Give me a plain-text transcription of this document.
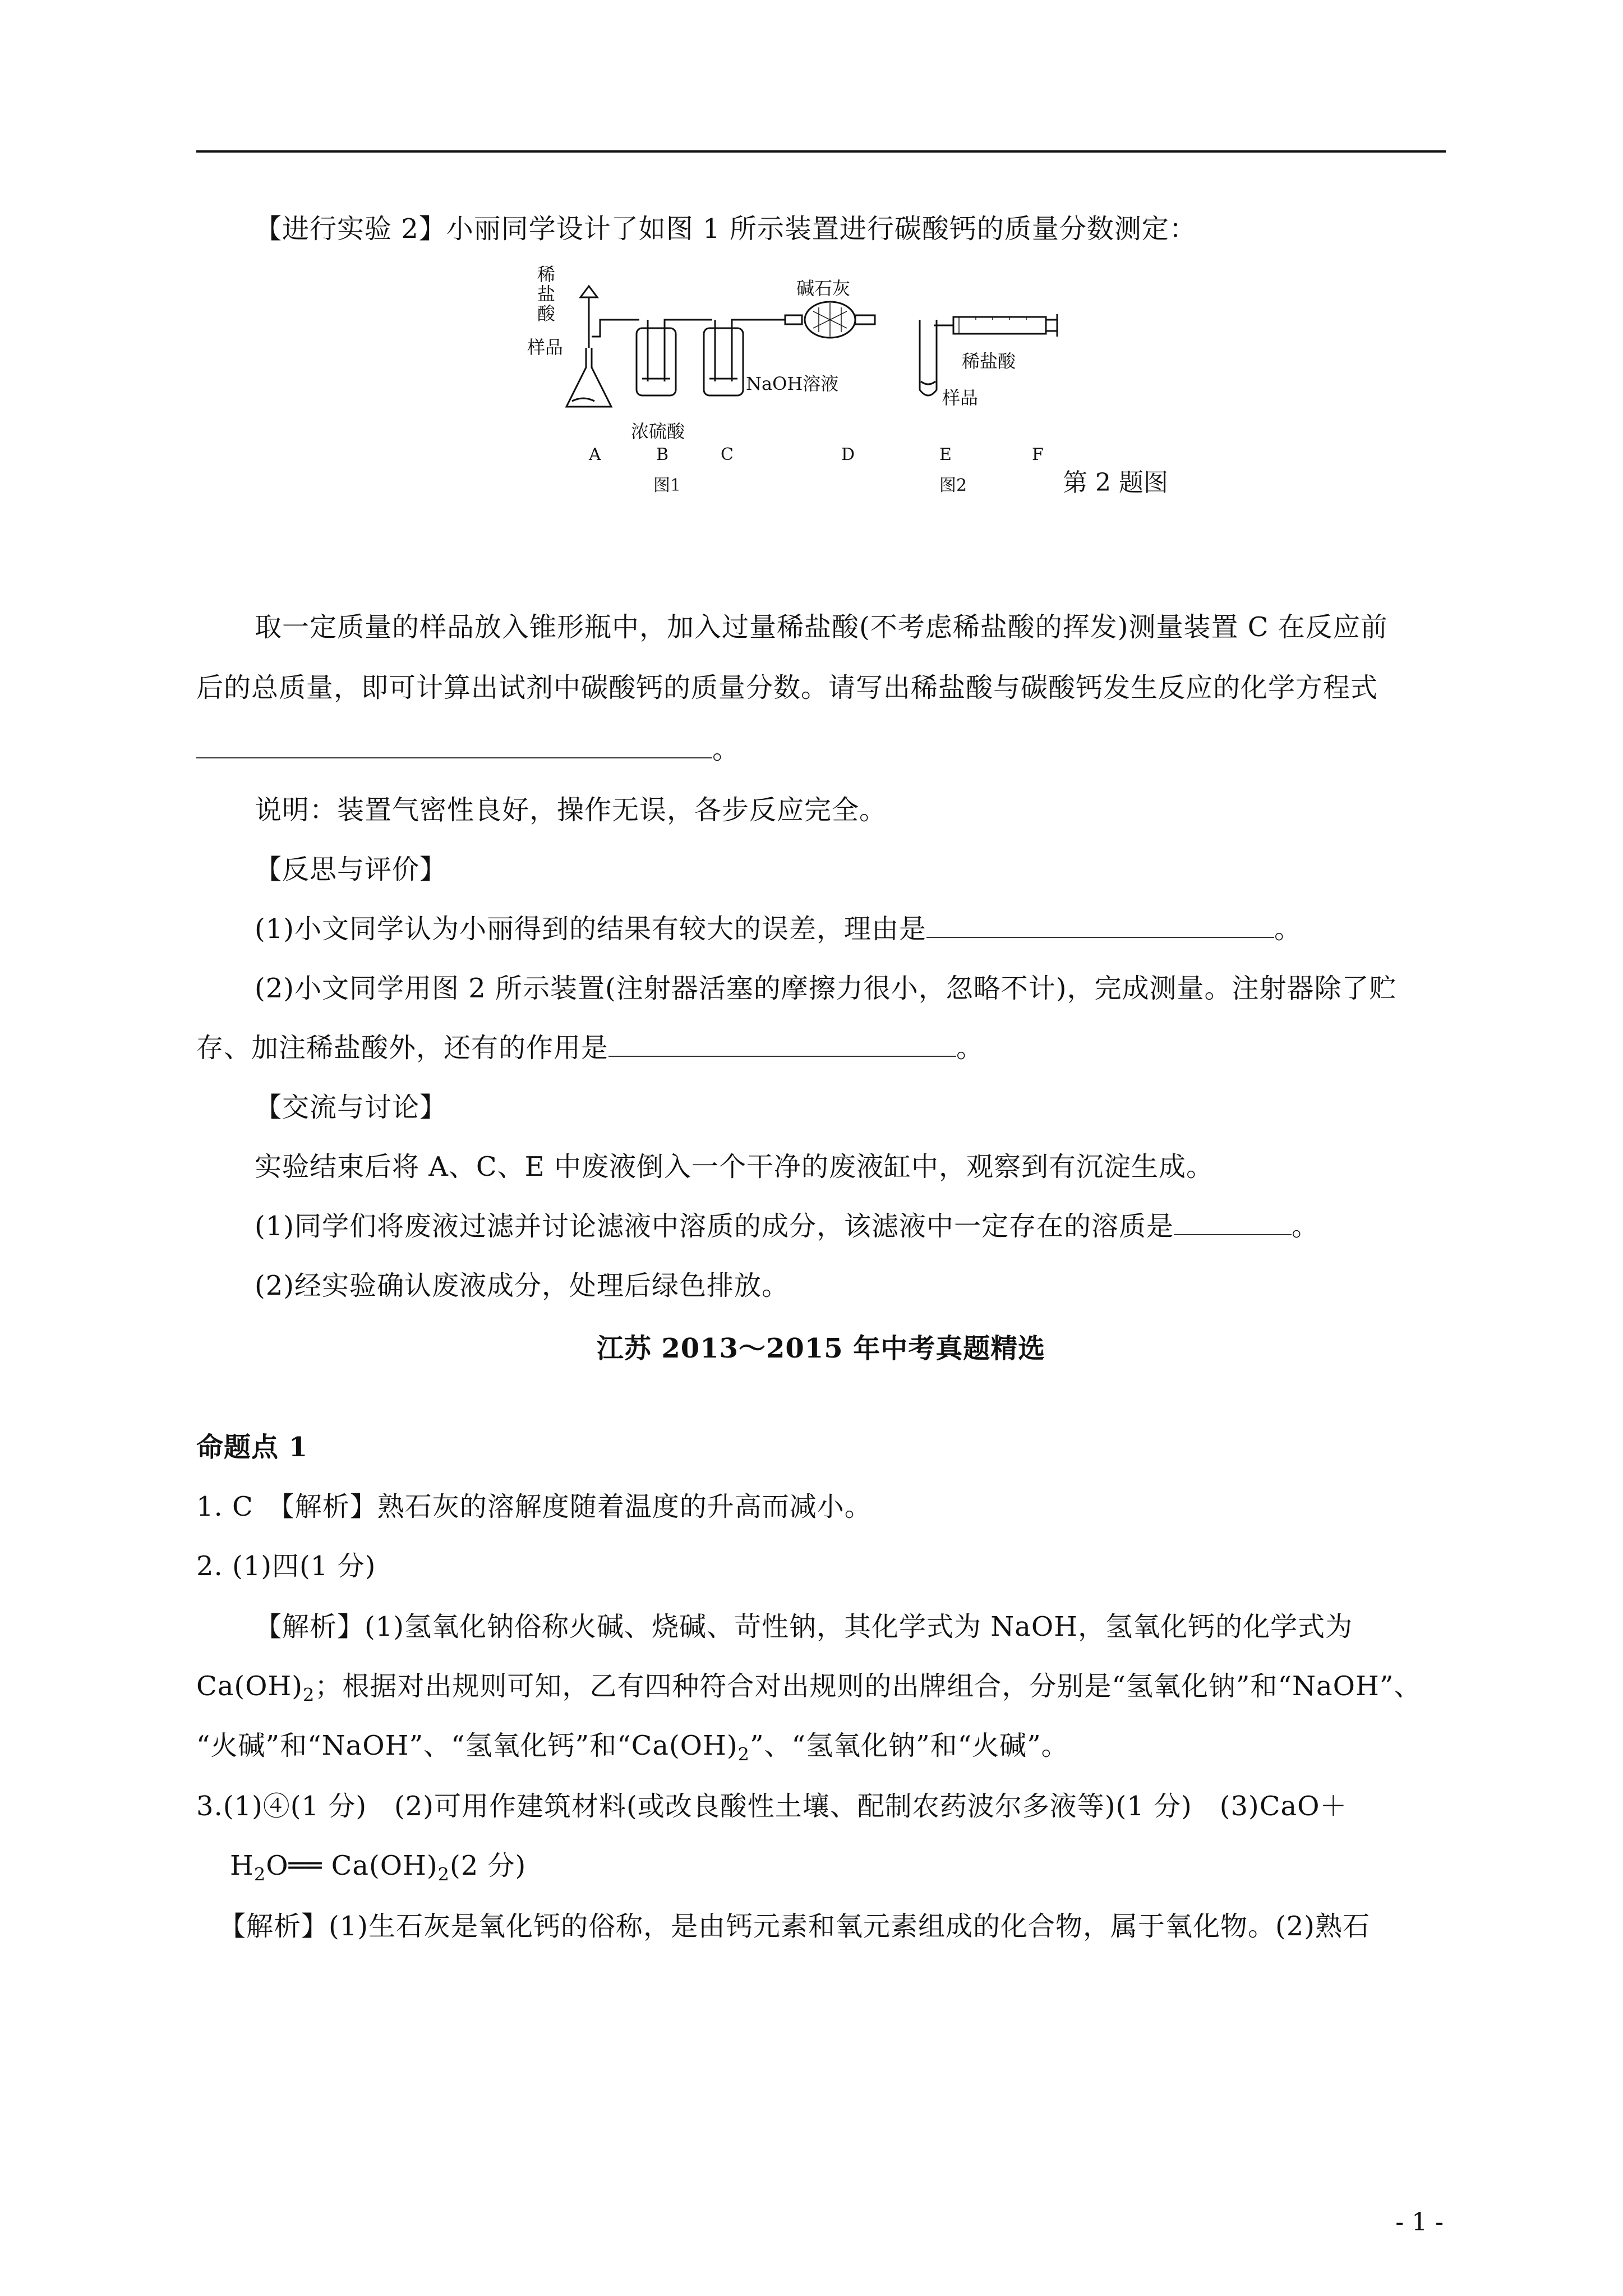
【进行实验 2】小丽同学设计了如图 1 所示装置进行碳酸钙的质量分数测定：
稀
盐
酸
样品
浓硫酸
NaOH溶液
碱石灰
稀盐酸
样品
A	B	C	D	E	F
图1	图2	第 2 题图
取一定质量的样品放入锥形瓶中，加入过量稀盐酸(不考虑稀盐酸的挥发)测量装置 C 在反应前
后的总质量，即可计算出试剂中碳酸钙的质量分数。请写出稀盐酸与碳酸钙发生反应的化学方程式
。
说明：装置气密性良好，操作无误，各步反应完全。
【反思与评价】
(1)小文同学认为小丽得到的结果有较大的误差，理由是	。
(2)小文同学用图 2 所示装置(注射器活塞的摩擦力很小，忽略不计)，完成测量。注射器除了贮
存、加注稀盐酸外，还有的作用是	。
【交流与讨论】
实验结束后将 A、C、E 中废液倒入一个干净的废液缸中，观察到有沉淀生成。
(1)同学们将废液过滤并讨论滤液中溶质的成分，该滤液中一定存在的溶质是	。
(2)经实验确认废液成分，处理后绿色排放。
江苏 2013～2015 年中考真题精选
命题点 1
1. C　【解析】熟石灰的溶解度随着温度的升高而减小。
2. (1)四(1 分)
【解析】(1)氢氧化钠俗称火碱、烧碱、苛性钠，其化学式为 NaOH，氢氧化钙的化学式为
$Ca(OH)_2$；根据对出规则可知，乙有四种符合对出规则的出牌组合，分别是“氢氧化钠”和“NaOH”、
“火碱”和“NaOH”、“氢氧化钙”和“$Ca(OH)_2$”、“氢氧化钠”和“火碱”。
3.(1)④(1 分)　(2)可用作建筑材料(或改良酸性土壤、配制农药波尔多液等)(1 分)　(3)CaO＋
$H_2O══$ $Ca(OH)_2(2$ 分)
【解析】(1)生石灰是氧化钙的俗称，是由钙元素和氧元素组成的化合物，属于氧化物。(2)熟石
- 1 -
